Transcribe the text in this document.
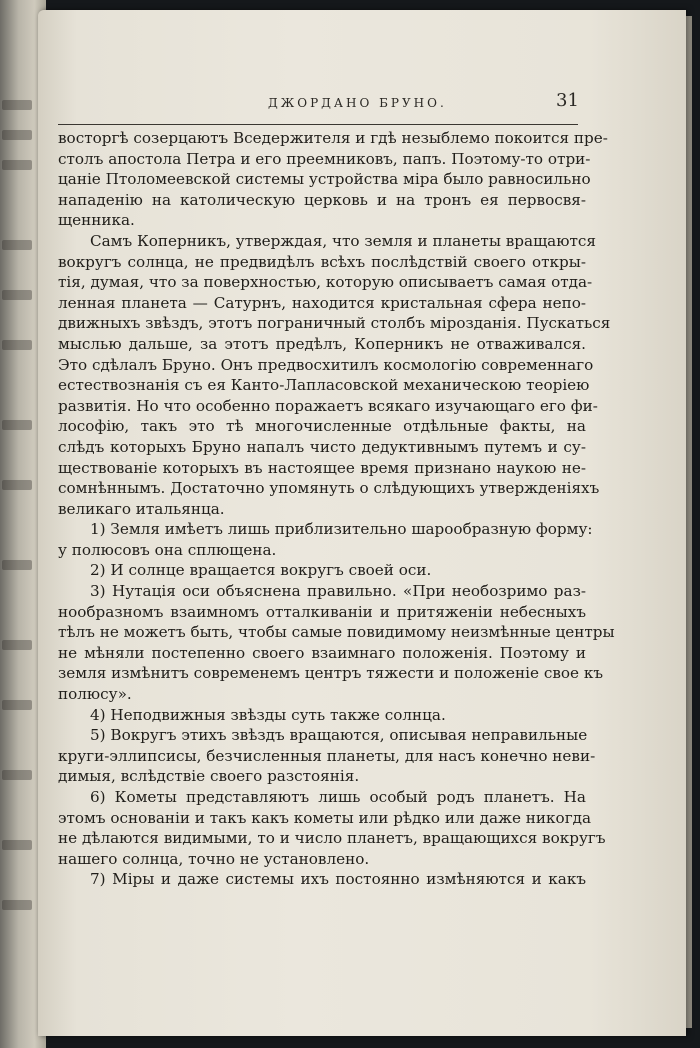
ДЖОРДАНО БРУНО.	31
восторгѣ созерцаютъ Вседержителя и гдѣ незыблемо покоится пре-
столъ апостола Петра и его преемниковъ, папъ. Поэтому-то отри-
цаніе Птоломеевской системы устройства міра было равносильно
нападенію на католическую церковь и на тронъ ея первосвя-
щенника.
Самъ Коперникъ, утверждая, что земля и планеты вращаются
вокругъ солнца, не предвидѣлъ всѣхъ послѣдствій своего откры-
тія, думая, что за поверхностью, которую описываетъ самая отда-
ленная планета — Сатурнъ, находится кристальная сфера непо-
движныхъ звѣздъ, этотъ пограничный столбъ мірозданія. Пускаться
мыслью дальше, за этотъ предѣлъ, Коперникъ не отваживался.
Это сдѣлалъ Бруно. Онъ предвосхитилъ космологію современнаго
естествознанія съ ея Канто-Лапласовской механическою теоріею
развитія. Но что особенно поражаетъ всякаго изучающаго его фи-
лософію, такъ это тѣ многочисленные отдѣльные факты, на
слѣдъ которыхъ Бруно напалъ чисто дедуктивнымъ путемъ и су-
ществованіе которыхъ въ настоящее время признано наукою не-
сомнѣннымъ. Достаточно упомянуть о слѣдующихъ утвержденіяхъ
великаго итальянца.
1) Земля имѣетъ лишь приблизительно шарообразную форму:
у полюсовъ она сплющена.
2) И солнце вращается вокругъ своей оси.
3) Нутація оси объяснена правильно. «При необозримо раз-
нообразномъ взаимномъ отталкиваніи и притяженіи небесныхъ
тѣлъ не можетъ быть, чтобы самые повидимому неизмѣнные центры
не мѣняли постепенно своего взаимнаго положенія. Поэтому и
земля измѣнитъ современемъ центръ тяжести и положеніе свое къ
полюсу».
4) Неподвижныя звѣзды суть также солнца.
5) Вокругъ этихъ звѣздъ вращаются, описывая неправильные
круги-эллипсисы, безчисленныя планеты, для насъ конечно неви-
димыя, вслѣдствіе своего разстоянія.
6) Кометы представляютъ лишь особый родъ планетъ. На
этомъ основаніи и такъ какъ кометы или рѣдко или даже никогда
не дѣлаются видимыми, то и число планетъ, вращающихся вокругъ
нашего солнца, точно не установлено.
7) Міры и даже системы ихъ постоянно измѣняются и какъ
